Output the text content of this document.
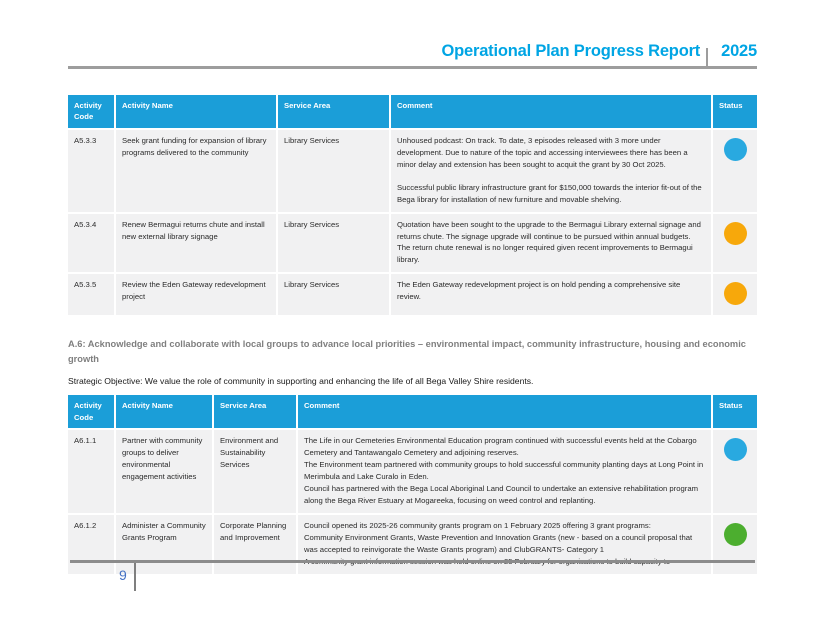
Operational Plan Progress Report 2025
Activity Code	Activity Name	Service Area	Comment	Status
A5.3.3	Seek grant funding for expansion of library programs delivered to the community	Library Services	Unhoused podcast: On track. To date, 3 episodes released with 3 more under development. Due to nature of the topic and accessing interviewees there has been a minor delay and extension has been sought to acquit the grant by 30 Oct 2025.
Successful public library infrastructure grant for $150,000 towards the interior fit-out of the Bega library for installation of new furniture and movable shelving.	

A5.3.4	Renew Bermagui returns chute and install new external library signage	Library Services	Quotation have been sought to the upgrade to the Bermagui Library external signage and returns chute. The signage upgrade will continue to be pursued within annual budgets. The return chute renewal is no longer required given recent improvements to Bermagui library.	

A5.3.5	Review the Eden Gateway redevelopment project	Library Services	The Eden Gateway redevelopment project is on hold pending a comprehensive site review.	

A.6: Acknowledge and collaborate with local groups to advance local priorities – environmental impact, community infrastructure, housing and economic growth

Strategic Objective: We value the role of community in supporting and enhancing the life of all Bega Valley Shire residents.

Activity Code	Activity Name	Service Area	Comment	Status
A6.1.1	Partner with community groups to deliver environmental engagement activities	Environment and Sustainability Services	The Life in our Cemeteries Environmental Education program continued with successful events held at the Cobargo Cemetery and Tantawangalo Cemetery and adjoining reserves.
The Environment team partnered with community groups to hold successful community planting days at Long Point in Merimbula and Lake Curalo in Eden.
Council has partnered with the Bega Local Aboriginal Land Council to undertake an extensive rehabilitation program along the Bega River Estuary at Mogareeka, focusing on weed control and replanting.	

A6.1.2	Administer a Community Grants Program	Corporate Planning and Improvement	Council opened its 2025-26 community grants program on 1 February 2025 offering 3 grant programs:
Community Environment Grants, Waste Prevention and Innovation Grants (new - based on a council proposal that was accepted to reinvigorate the Waste Grants program) and ClubGRANTS- Category 1	

9
